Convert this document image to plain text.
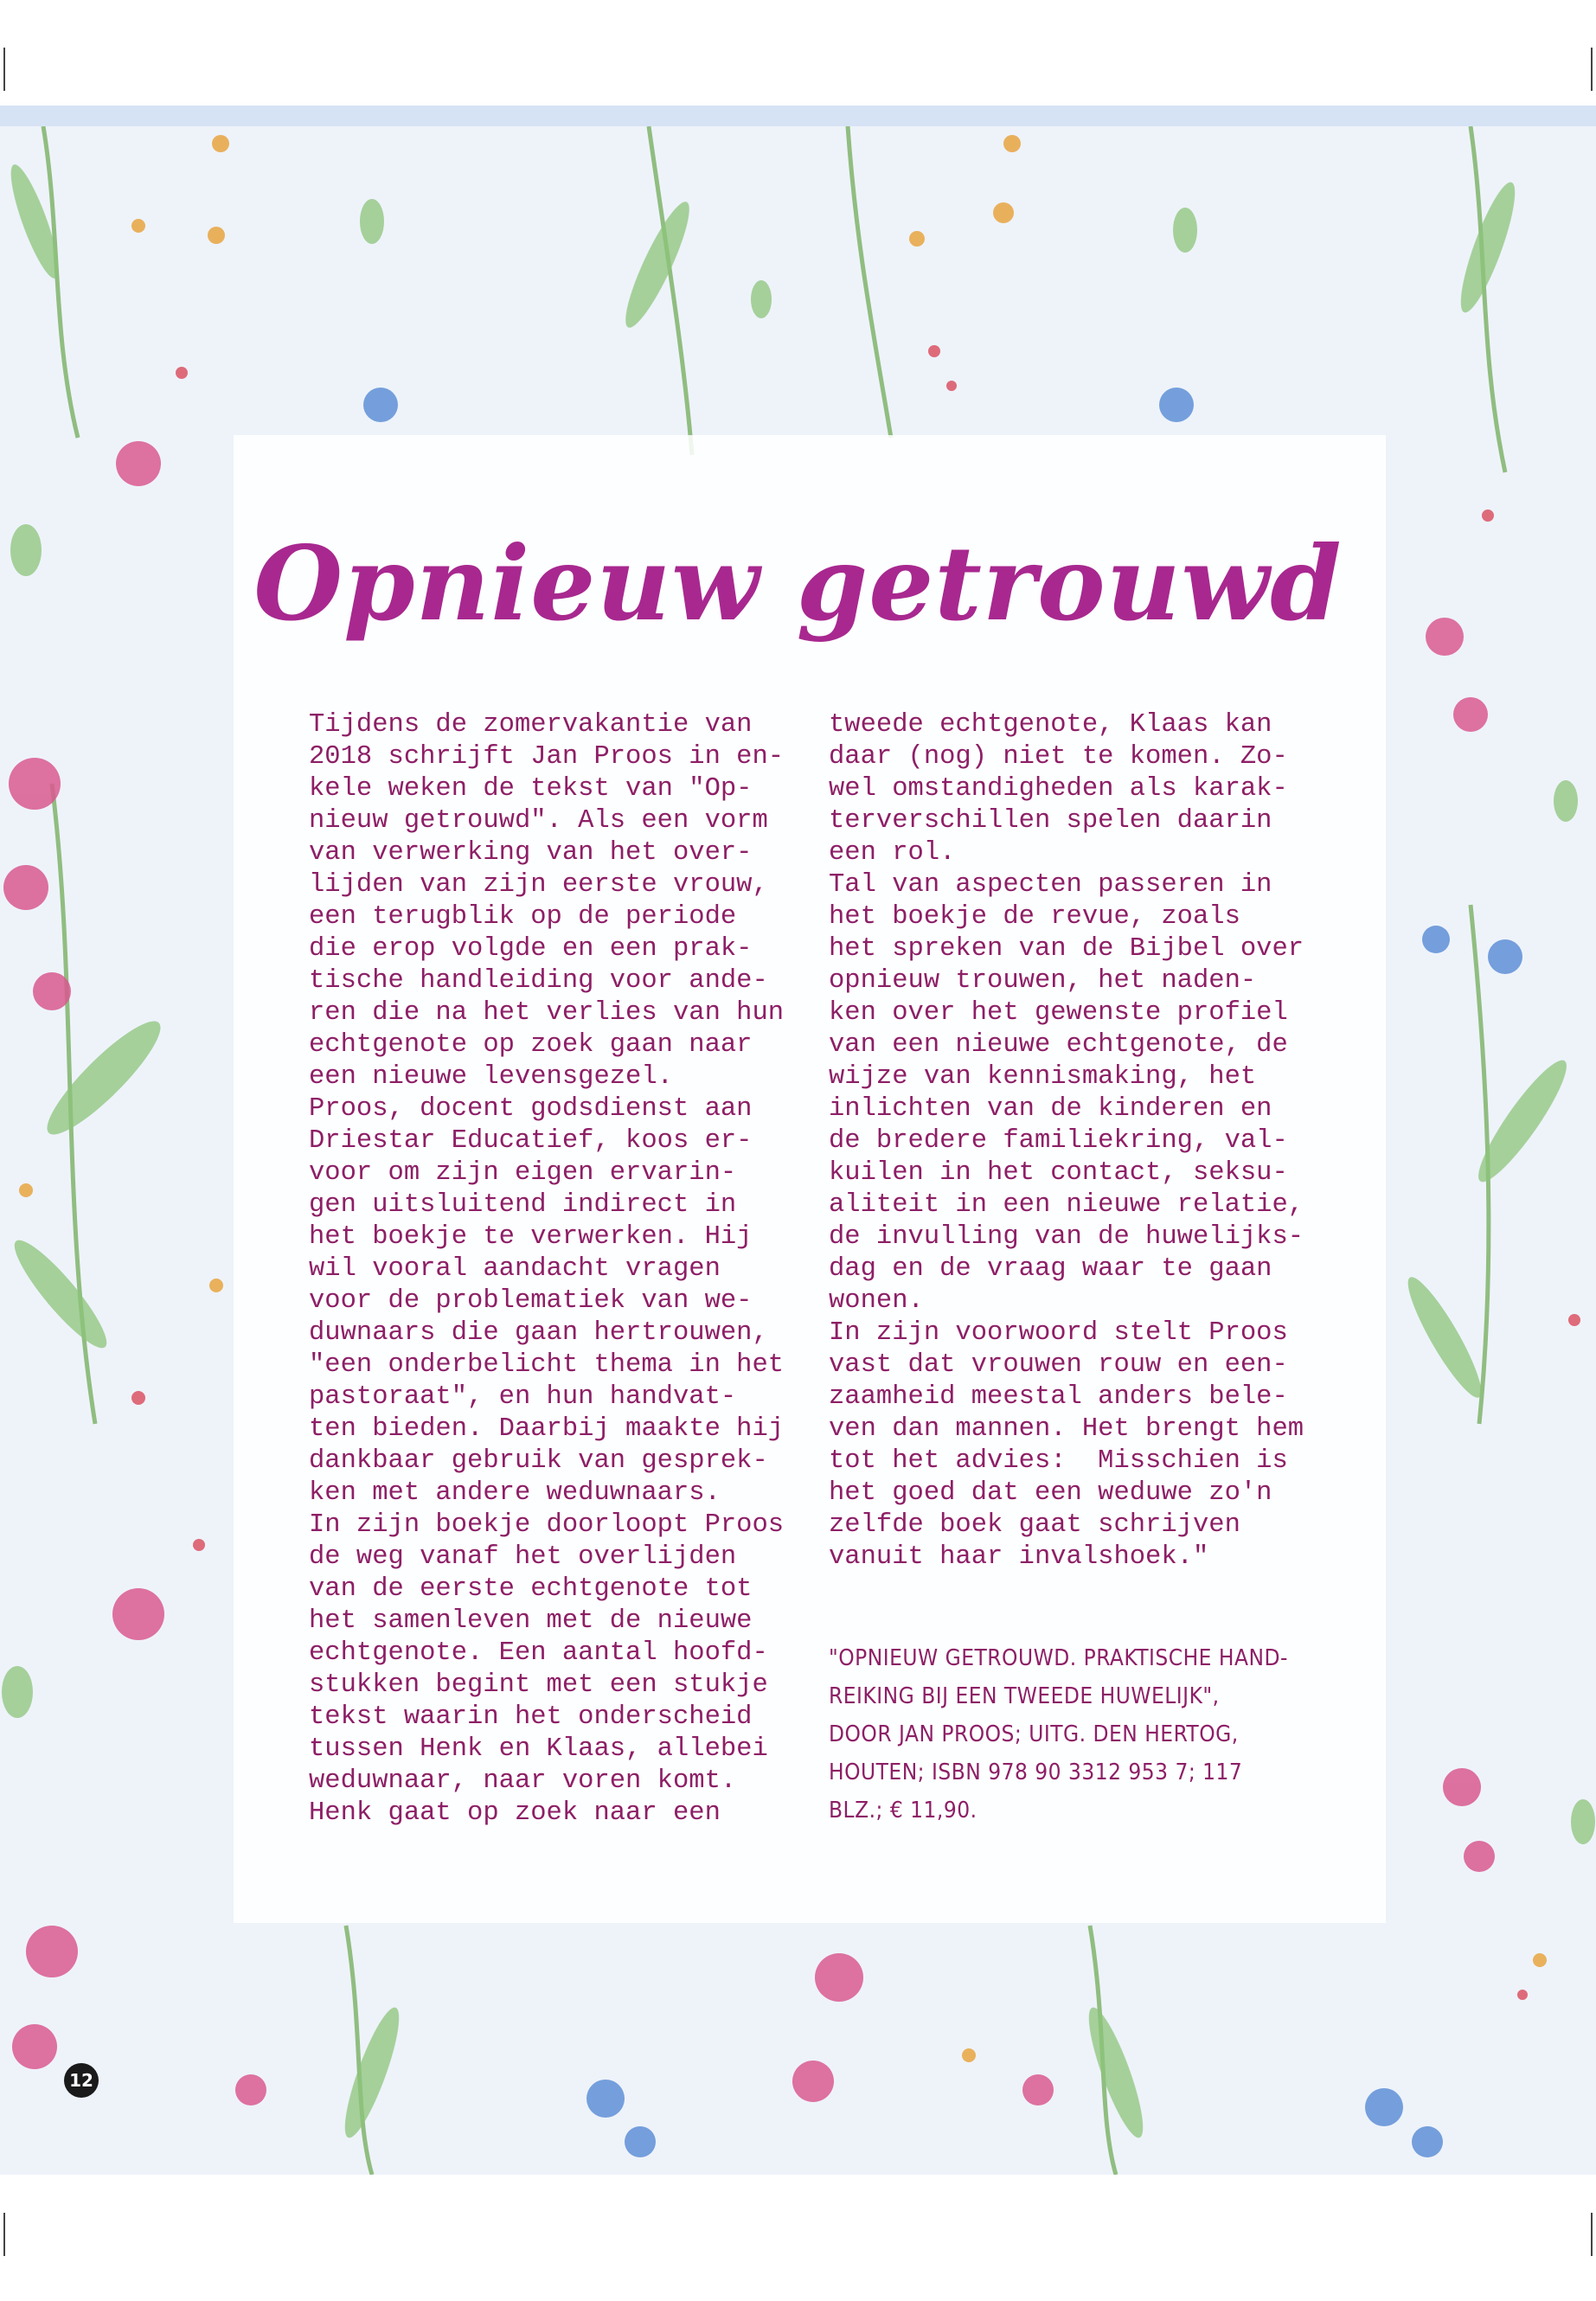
Opnieuw getrouwd

Tijdens de zomervakantie van

2018 schrijft Jan Proos in en-

kele weken de tekst van "Op-

nieuw getrouwd". Als een vorm

van verwerking van het over-

lijden van zijn eerste vrouw,

een terugblik op de periode

die erop volgde en een prak-

tische handleiding voor ande-

ren die na het verlies van hun

echtgenote op zoek gaan naar

een nieuwe levensgezel.

Proos, docent godsdienst aan

Driestar Educatief, koos er-

voor om zijn eigen ervarin-

gen uitsluitend indirect in

het boekje te verwerken. Hij

wil vooral aandacht vragen

voor de problematiek van we-

duwnaars die gaan hertrouwen,

"een onderbelicht thema in het

pastoraat", en hun handvat-

ten bieden. Daarbij maakte hij

dankbaar gebruik van gesprek-

ken met andere weduwnaars.

In zijn boekje doorloopt Proos

de weg vanaf het overlijden

van de eerste echtgenote tot

het samenleven met de nieuwe

echtgenote. Een aantal hoofd-

stukken begint met een stukje

tekst waarin het onderscheid

tussen Henk en Klaas, allebei

weduwnaar, naar voren komt.

Henk gaat op zoek naar een

tweede echtgenote, Klaas kan

daar (nog) niet te komen. Zo-

wel omstandigheden als karak-

terverschillen spelen daarin

een rol.

Tal van aspecten passeren in

het boekje de revue, zoals

het spreken van de Bijbel over

opnieuw trouwen, het naden-

ken over het gewenste profiel

van een nieuwe echtgenote, de

wijze van kennismaking, het

inlichten van de kinderen en

de bredere familiekring, val-

kuilen in het contact, seksu-

aliteit in een nieuwe relatie,

de invulling van de huwelijks-

dag en de vraag waar te gaan

wonen.

In zijn voorwoord stelt Proos

vast dat vrouwen rouw en een-

zaamheid meestal anders bele-

ven dan mannen. Het brengt hem

tot het advies:  Misschien is

het goed dat een weduwe zo'n

zelfde boek gaat schrijven

vanuit haar invalshoek."

"OPNIEUW GETROUWD. PRAKTISCHE HAND-

REIKING BIJ EEN TWEEDE HUWELIJK",

DOOR JAN PROOS; UITG. DEN HERTOG,

HOUTEN; ISBN 978 90 3312 953 7; 117

BLZ.; € 11,90.

12
